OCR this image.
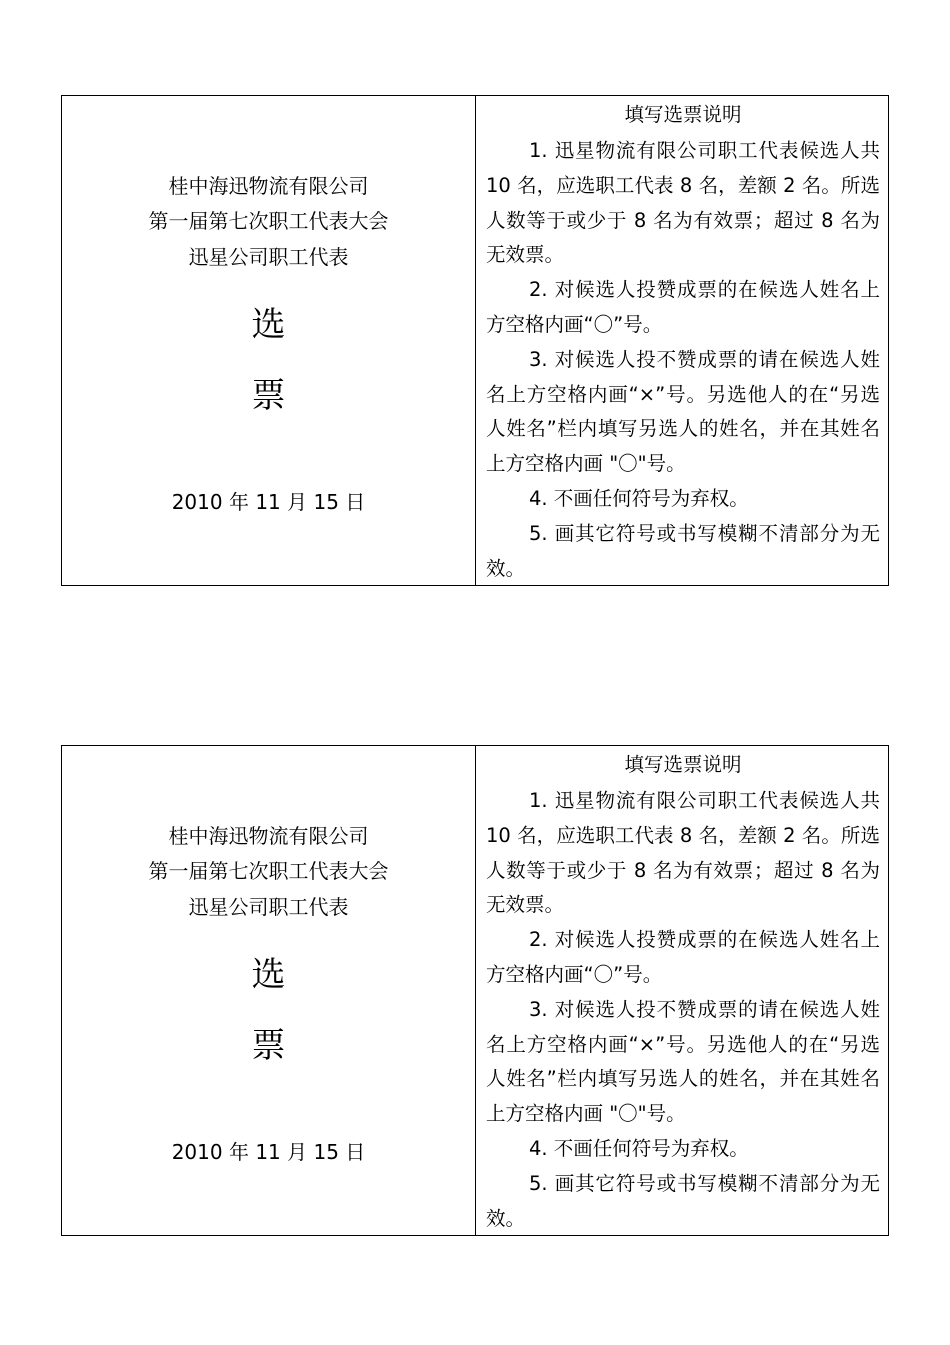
桂中海迅物流有限公司
第一届第七次职工代表大会
迅星公司职工代表
选
票
2010 年 11 月 15 日
填写选票说明

1. 迅星物流有限公司职工代表候选人共 10 名，应选职工代表 8 名，差额 2 名。所选人数等于或少于 8 名为有效票；超过 8 名为无效票。

2. 对候选人投赞成票的在候选人姓名上方空格内画“〇”号。

3. 对候选人投不赞成票的请在候选人姓名上方空格内画“×”号。另选他人的在“另选人姓名”栏内填写另选人的姓名，并在其姓名上方空格内画 "〇"号。

4. 不画任何符号为弃权。

5. 画其它符号或书写模糊不清部分为无效。

桂中海迅物流有限公司
第一届第七次职工代表大会
迅星公司职工代表
选
票
2010 年 11 月 15 日
填写选票说明

1. 迅星物流有限公司职工代表候选人共 10 名，应选职工代表 8 名，差额 2 名。所选人数等于或少于 8 名为有效票；超过 8 名为无效票。

2. 对候选人投赞成票的在候选人姓名上方空格内画“〇”号。

3. 对候选人投不赞成票的请在候选人姓名上方空格内画“×”号。另选他人的在“另选人姓名”栏内填写另选人的姓名，并在其姓名上方空格内画 "〇"号。

4. 不画任何符号为弃权。

5. 画其它符号或书写模糊不清部分为无效。
